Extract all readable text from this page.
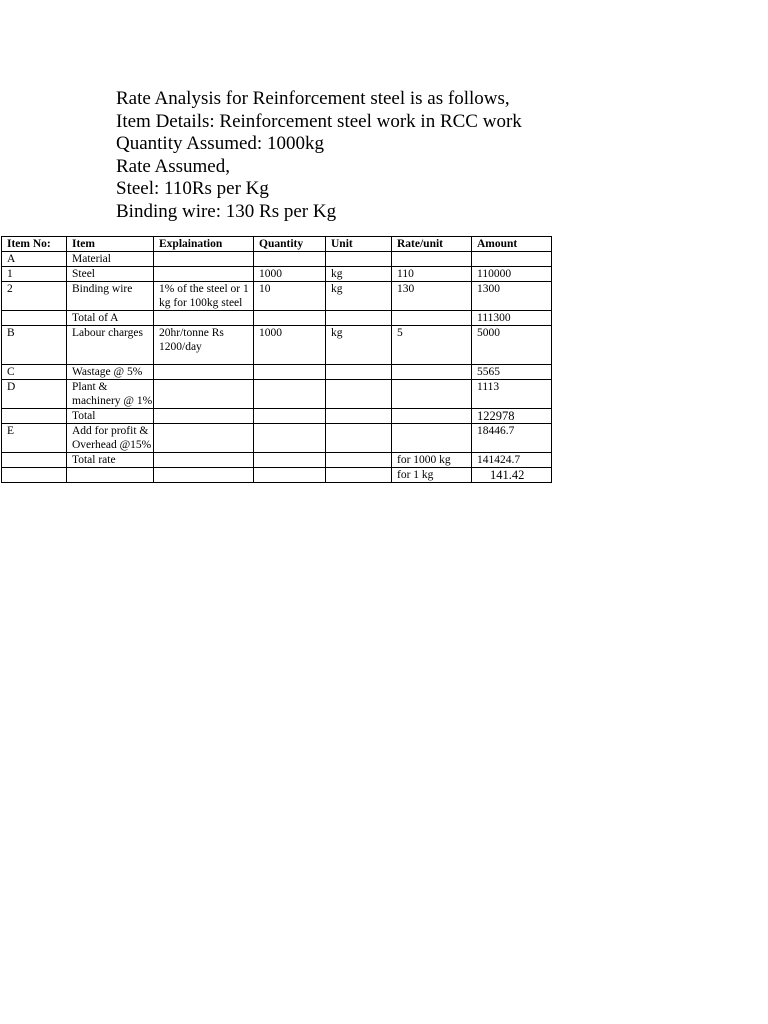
Rate Analysis for Reinforcement steel is as follows,
Item Details: Reinforcement steel work in RCC work
Quantity Assumed: 1000kg
Rate Assumed,
Steel: 110Rs per Kg
Binding wire: 130 Rs per Kg
Item No:	Item	Explaination	Quantity	Unit	Rate/unit	Amount
A	Material					
1	Steel		1000	kg	110	110000
2	Binding wire	1% of the steel or 1 kg for 100kg steel	10	kg	130	1300
	Total of A					111300
B	Labour charges	20hr/tonne Rs 1200/day	1000	kg	5	5000
C	Wastage @ 5%					5565
D	Plant & machinery @ 1%					1113
	Total					122978
E	Add for profit & Overhead @15%					18446.7
	Total rate				for 1000 kg	141424.7
					for 1 kg	141.42
